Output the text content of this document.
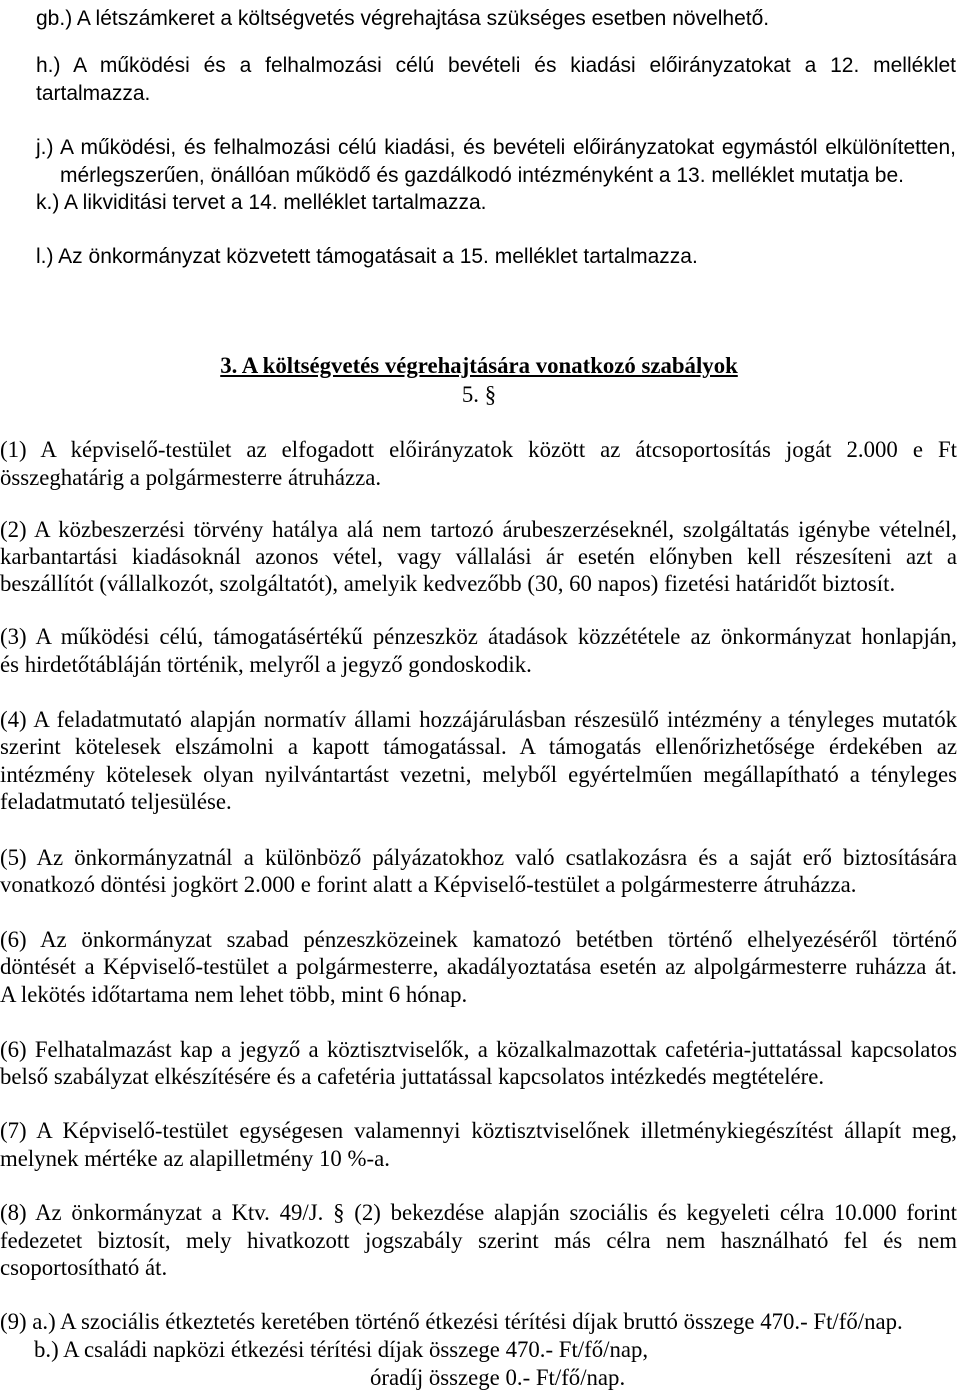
gb.) A létszámkeret a költségvetés végrehajtása szükséges esetben növelhető.
h.) A működési és a felhalmozási célú bevételi és kiadási előirányzatokat a 12. melléklet
tartalmazza.
j.) A működési, és felhalmozási célú kiadási, és bevételi előirányzatokat egymástól elkülönítetten,
mérlegszerűen, önállóan működő és gazdálkodó intézményként a 13. melléklet mutatja be.
k.) A likviditási tervet a 14. melléklet tartalmazza.
l.) Az önkormányzat közvetett támogatásait a 15. melléklet tartalmazza.
3. A költségvetés végrehajtására vonatkozó szabályok
5. §
(1) A képviselő-testület az elfogadott előirányzatok között az átcsoportosítás jogát 2.000 e Ft
összeghatárig a polgármesterre átruházza.
(2) A közbeszerzési törvény hatálya alá nem tartozó árubeszerzéseknél, szolgáltatás igénybe vételnél,
karbantartási kiadásoknál azonos vétel, vagy vállalási ár esetén előnyben kell részesíteni azt a
beszállítót (vállalkozót, szolgáltatót), amelyik kedvezőbb (30, 60 napos) fizetési határidőt biztosít.
(3) A működési célú, támogatásértékű pénzeszköz átadások közzététele az önkormányzat honlapján,
és hirdetőtábláján történik, melyről a jegyző gondoskodik.
(4) A feladatmutató alapján normatív állami hozzájárulásban részesülő intézmény a tényleges mutatók
szerint kötelesek elszámolni a kapott támogatással. A támogatás ellenőrizhetősége érdekében az
intézmény kötelesek olyan nyilvántartást vezetni, melyből egyértelműen megállapítható a tényleges
feladatmutató teljesülése.
(5) Az önkormányzatnál a különböző pályázatokhoz való csatlakozásra és a saját erő biztosítására
vonatkozó döntési jogkört 2.000 e forint alatt a Képviselő-testület a polgármesterre átruházza.
(6) Az önkormányzat szabad pénzeszközeinek kamatozó betétben történő elhelyezéséről történő
döntését a Képviselő-testület a polgármesterre, akadályoztatása esetén az alpolgármesterre ruházza át.
A lekötés időtartama nem lehet több, mint 6 hónap.
(6) Felhatalmazást kap a jegyző a köztisztviselők, a közalkalmazottak cafetéria-juttatással kapcsolatos
belső szabályzat elkészítésére és a cafetéria juttatással kapcsolatos intézkedés megtételére.
(7) A Képviselő-testület egységesen valamennyi köztisztviselőnek illetménykiegészítést állapít meg,
melynek mértéke az alapilletmény 10 %-a.
(8) Az önkormányzat a Ktv. 49/J. § (2) bekezdése alapján szociális és kegyeleti célra 10.000 forint
fedezetet biztosít, mely hivatkozott jogszabály szerint más célra nem használható fel és nem
csoportosítható át.
(9) a.) A szociális étkeztetés keretében történő étkezési térítési díjak bruttó összege 470.- Ft/fő/nap.
b.) A családi napközi étkezési térítési díjak összege 470.- Ft/fő/nap,
óradíj összege 0.- Ft/fő/nap.
